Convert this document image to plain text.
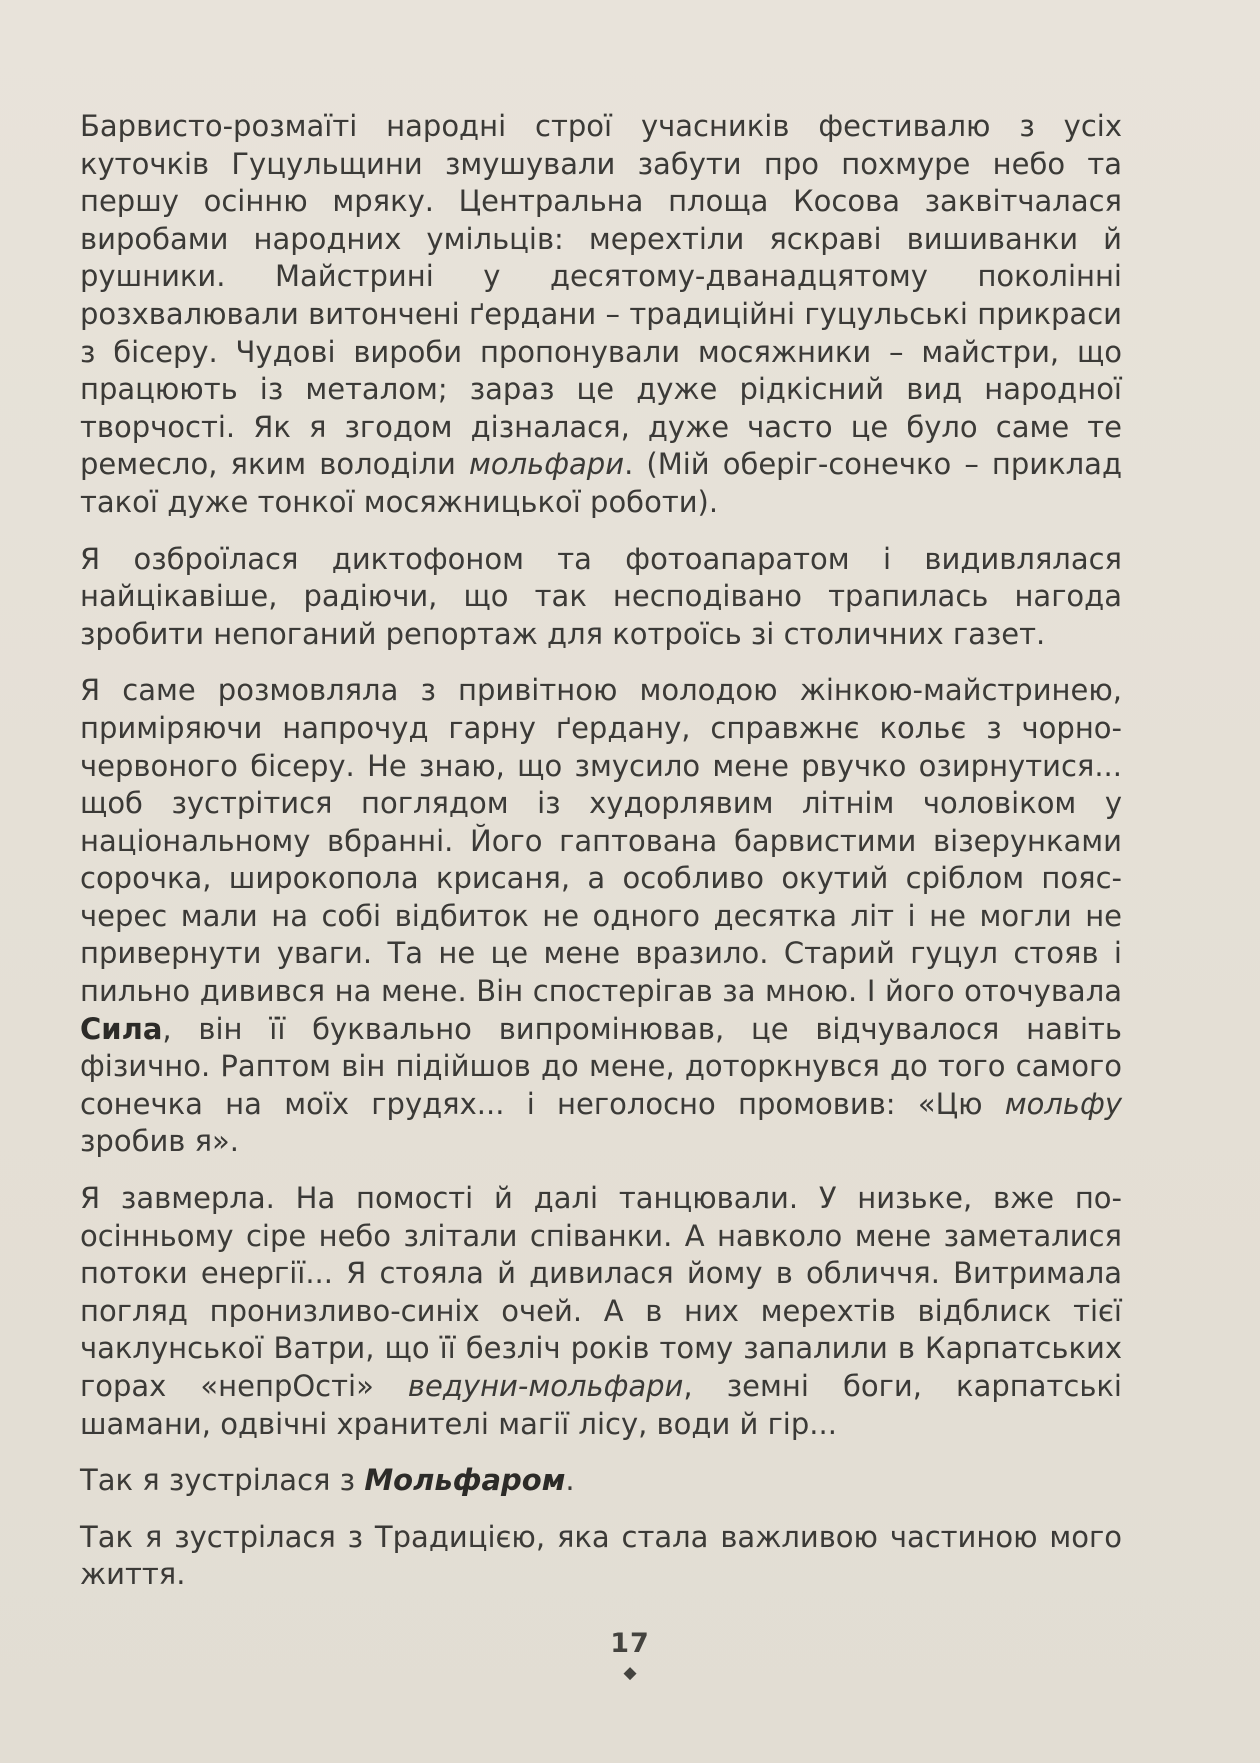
Барвисто-розмаїті народні строї учасників фестивалю з усіх куточків Гуцульщини змушували забути про похмуре небо та першу осінню мряку. Центральна площа Косова заквітчалася виробами народних умільців: мерехтіли яскраві вишиванки й рушники. Майстрині у десятому-дванадцятому поколінні розхвалювали витончені ґердани – традиційні гуцульські прикраси з бісеру. Чудові вироби пропонували мосяжники – майстри, що працюють із металом; зараз це дуже рідкісний вид народної творчості. Як я згодом дізналася, дуже часто це було саме те ремесло, яким володіли мольфари. (Мій оберіг-сонечко – приклад такої дуже тонкої мосяжницької роботи).

Я озброїлася диктофоном та фотоапаратом і видивлялася найцікавіше, радіючи, що так несподівано трапилась нагода зробити непоганий репортаж для котроїсь зі столичних газет.

Я саме розмовляла з привітною молодою жінкою-майстринею, приміряючи напрочуд гарну ґердану, справжнє кольє з чорно-червоного бісеру. Не знаю, що змусило мене рвучко озирнутися... щоб зустрітися поглядом із худорлявим літнім чоловіком у національному вбранні. Його гаптована барвистими візерунками сорочка, широкопола крисаня, а особливо окутий сріблом пояс-черес мали на собі відбиток не одного десятка літ і не могли не привернути уваги. Та не це мене вразило. Старий гуцул стояв і пильно дивився на мене. Він спостерігав за мною. І його оточувала Сила, він її буквально випромінював, це відчувалося навіть фізично. Раптом він підійшов до мене, доторкнувся до того самого сонечка на моїх грудях... і неголосно промовив: «Цю мольфу зробив я».

Я завмерла. На помості й далі танцювали. У низьке, вже по-осінньому сіре небо злітали співанки. А навколо мене заметалися потоки енергії... Я стояла й дивилася йому в обличчя. Витримала погляд пронизливо-синіх очей. А в них мерехтів відблиск тієї чаклунської Ватри, що її безліч років тому запалили в Карпатських горах «непрОсті» ведуни-мольфари, земні боги, карпатські шамани, одвічні хранителі магії лісу, води й гір...

Так я зустрілася з Мольфаром.

Так я зустрілася з Традицією, яка стала важливою частиною мого життя.

17
◆
